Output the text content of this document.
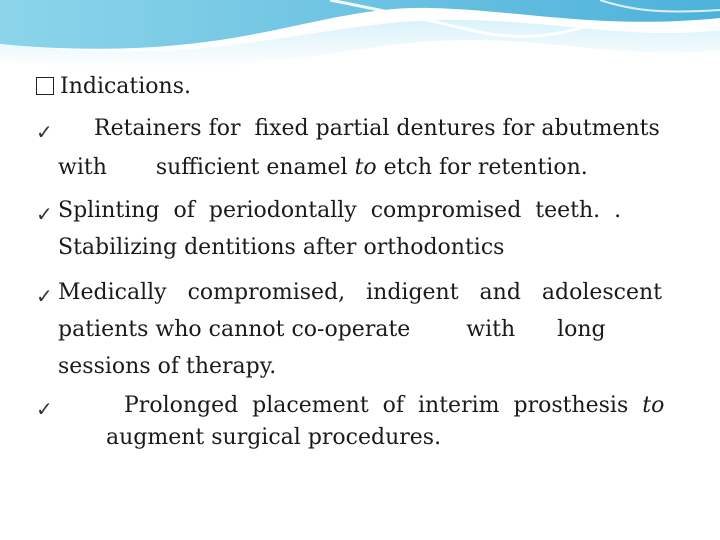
Indications.
✓ Retainers for  fixed partial dentures for abutments
with       sufficient enamel to etch for retention.
✓ Splinting  of  periodontally  compromised  teeth.  .
Stabilizing dentitions after orthodontics
✓ Medically   compromised,   indigent   and   adolescent
patients who cannot co-operate        with      long
sessions of therapy.
✓	Prolonged  placement  of  interim  prosthesis to
augment surgical procedures.
